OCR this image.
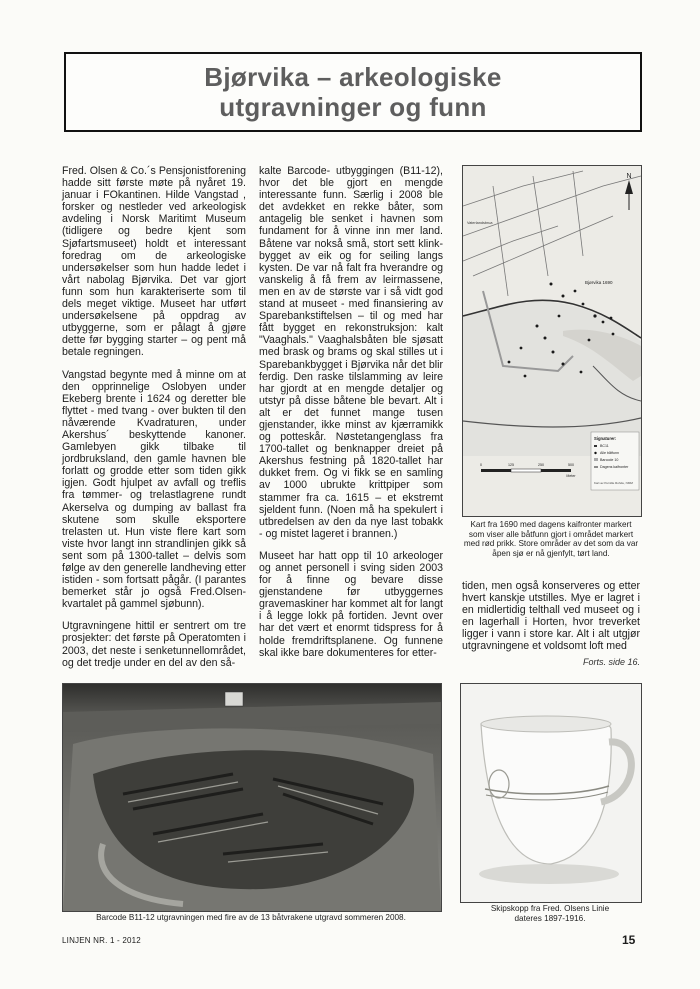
Bjørvika – arkeologiske
utgravninger og funn

Fred. Olsen & Co.´s Pensjonistforening hadde sitt første møte på nyåret 19. januar i FOkantinen. Hilde Vangstad , forsker og nestleder ved arkeologisk avdeling i Norsk Maritimt Museum (tidligere og bedre kjent som Sjøfartsmuseet) holdt et interessant foredrag om de arkeologiske undersøkelser som hun hadde ledet i vårt nabolag Bjørvika. Det var gjort funn som hun karakteriserte som til dels meget viktige. Museet har utført undersøkelsene på oppdrag av utbyggerne, som er pålagt å gjøre dette før bygging starter – og pent må betale regningen.

Vangstad begynte med å minne om at den opprinnelige Oslobyen under Ekeberg brente i 1624 og deretter ble flyttet - med tvang - over bukten til den nåværende Kvadraturen, under Akershus´ beskyttende kanoner. Gamlebyen gikk tilbake til jordbruksland, den gamle havnen ble forlatt og grodde etter som tiden gikk igjen. Godt hjulpet av avfall og treflis fra tømmer- og trelastlagrene rundt Akerselva og dumping av ballast fra skutene som skulle eksportere trelasten ut. Hun viste flere kart som viste hvor langt inn strandlinjen gikk så sent som på 1300-tallet – delvis som følge av den generelle landheving etter istiden - som fortsatt pågår. (I parantes bemerket står jo også Fred.Olsen-kvartalet på gammel sjøbunn).

Utgravningene hittil er sentrert om tre prosjekter: det første på Operatomten i 2003, det neste i senketunnellområdet, og det tredje under en del av den så-

kalte Barcode- utbyggingen (B11-12), hvor det ble gjort en mengde interessante funn. Særlig i 2008 ble det avdekket en rekke båter, som antagelig ble senket i havnen som fundament for å vinne inn mer land. Båtene var nokså små, stort sett klink-bygget av eik og for seiling langs kysten. De var nå falt fra hverandre og vanskelig å få frem av leirmassene, men en av de største var i så vidt god stand at museet - med finansiering av Sparebankstiftelsen – til og med har fått bygget en rekonstruksjon: kalt "Vaaghals." Vaaghalsbåten ble sjøsatt med brask og brams og skal stilles ut i Sparebankbygget i Bjørvika når det blir ferdig. Den raske tilslamming av leire har gjordt at en mengde detaljer og utstyr på disse båtene ble bevart. Alt i alt er det funnet mange tusen gjenstander, ikke minst av kjærramikk og potteskår. Nøstetangenglass fra 1700-tallet og benknapper dreiet på Akershus festning på 1820-tallet har dukket frem. Og vi fikk se en samling av 1000 ubrukte krittpiper som stammer fra ca. 1615 – et ekstremt sjeldent funn. (Noen må ha spekulert i utbredelsen av den da nye last tobakk - og mistet lageret i brannen.)

Museet har hatt opp til 10 arkeologer og annet personell i sving siden 2003 for å finne og bevare disse gjenstandene før utbyggernes gravemaskiner har kommet alt for langt i å legge lokk på fortiden. Jevnt over har det vært et enormt tidspress for å holde fremdriftsplanene. Og funnene skal ikke bare dokumenteres for etter-

N
Bjørvika 1690
Vaterlandsbrua
Signaturer:
BC11
Alle båtfunn
Barcode 10
Dagens kaifronter
Kart av Pernille Rohde, NMM
0	125	250	500
Meter
Kart fra 1690 med dagens kaifronter markert som viser alle båtfunn gjort i området markert med rød prikk. Store områder av det som da var åpen sjø er nå gjenfylt, tørt land.

tiden, men også konserveres og etter hvert kanskje utstilles. Mye er lagret i en midlertidig telthall ved museet og i en lagerhall i Horten, hvor treverket ligger i vann i store kar. Alt i alt utgjør utgravningene et voldsomt loft med

Forts. side 16.
Barcode B11-12 utgravningen med fire av de 13 båtvrakene utgravd sommeren 2008.
Skipskopp fra Fred. Olsens Linie
dateres 1897-1916.
LINJEN NR. 1 - 2012	15
